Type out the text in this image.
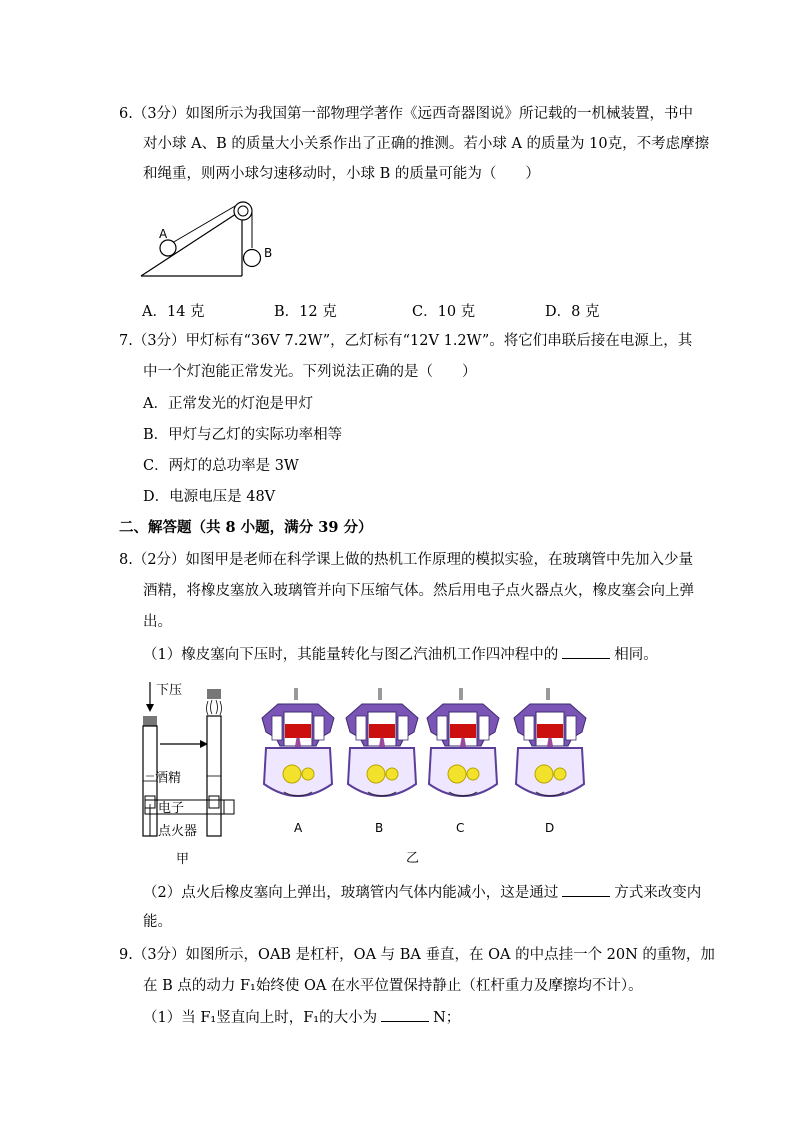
6.（3分）如图所示为我国第一部物理学著作《远西奇器图说》所记载的一机械装置，书中
对小球 A、B 的质量大小关系作出了正确的推测。若小球 A 的质量为 10克，不考虑摩擦
和绳重，则两小球匀速移动时，小球 B 的质量可能为（　　）
A
B
A．14 克	B．12 克	C．10 克	D．8 克
7.（3分）甲灯标有“36V 7.2W”，乙灯标有“12V 1.2W”。将它们串联后接在电源上，其
中一个灯泡能正常发光。下列说法正确的是（　　）
A．正常发光的灯泡是甲灯
B．甲灯与乙灯的实际功率相等
C．两灯的总功率是 3W
D．电源电压是 48V
二、解答题（共 8 小题，满分 39 分）
8.（2分）如图甲是老师在科学课上做的热机工作原理的模拟实验，在玻璃管中先加入少量
酒精，将橡皮塞放入玻璃管并向下压缩气体。然后用电子点火器点火，橡皮塞会向上弹
出。
（1）橡皮塞向下压时，其能量转化与图乙汽油机工作四冲程中的	相同。
下压
酒精
电子
点火器
甲
A	B	C	D
乙
（2）点火后橡皮塞向上弹出，玻璃管内气体内能减小，这是通过	方式来改变内
能。
9.（3分）如图所示，OAB 是杠杆，OA 与 BA 垂直，在 OA 的中点挂一个 20N 的重物，加
在 B 点的动力 F₁始终使 OA 在水平位置保持静止（杠杆重力及摩擦均不计）。
（1）当 F₁竖直向上时，F₁的大小为	N；
